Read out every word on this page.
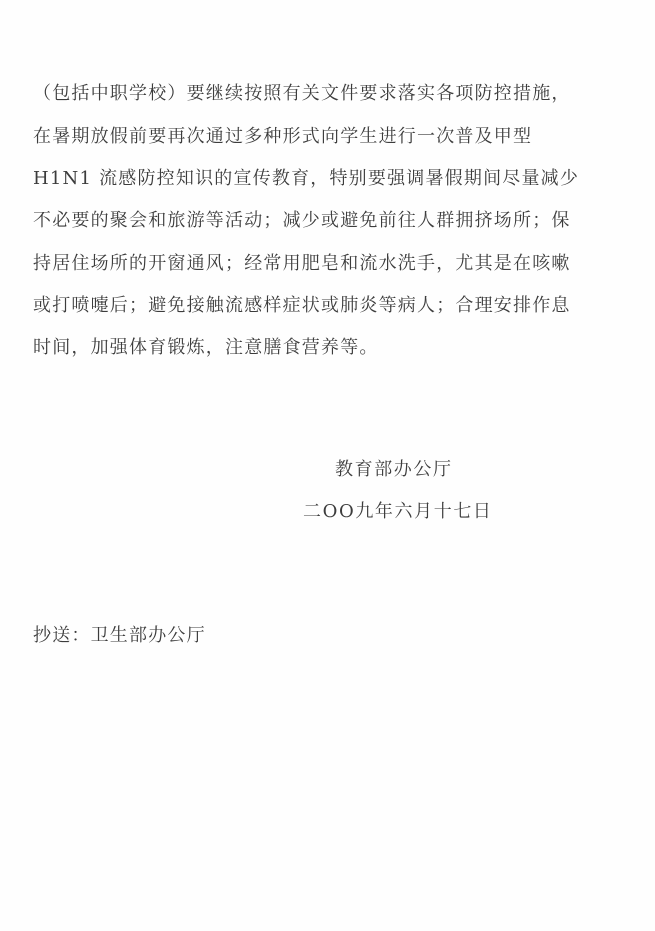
（包括中职学校）要继续按照有关文件要求落实各项防控措施，
在暑期放假前要再次通过多种形式向学生进行一次普及甲型
H1N1 流感防控知识的宣传教育，特别要强调暑假期间尽量减少
不必要的聚会和旅游等活动；减少或避免前往人群拥挤场所；保
持居住场所的开窗通风；经常用肥皂和流水洗手，尤其是在咳嗽
或打喷嚏后；避免接触流感样症状或肺炎等病人；合理安排作息
时间，加强体育锻炼，注意膳食营养等。
教育部办公厅
二OO九年六月十七日
抄送：卫生部办公厅
